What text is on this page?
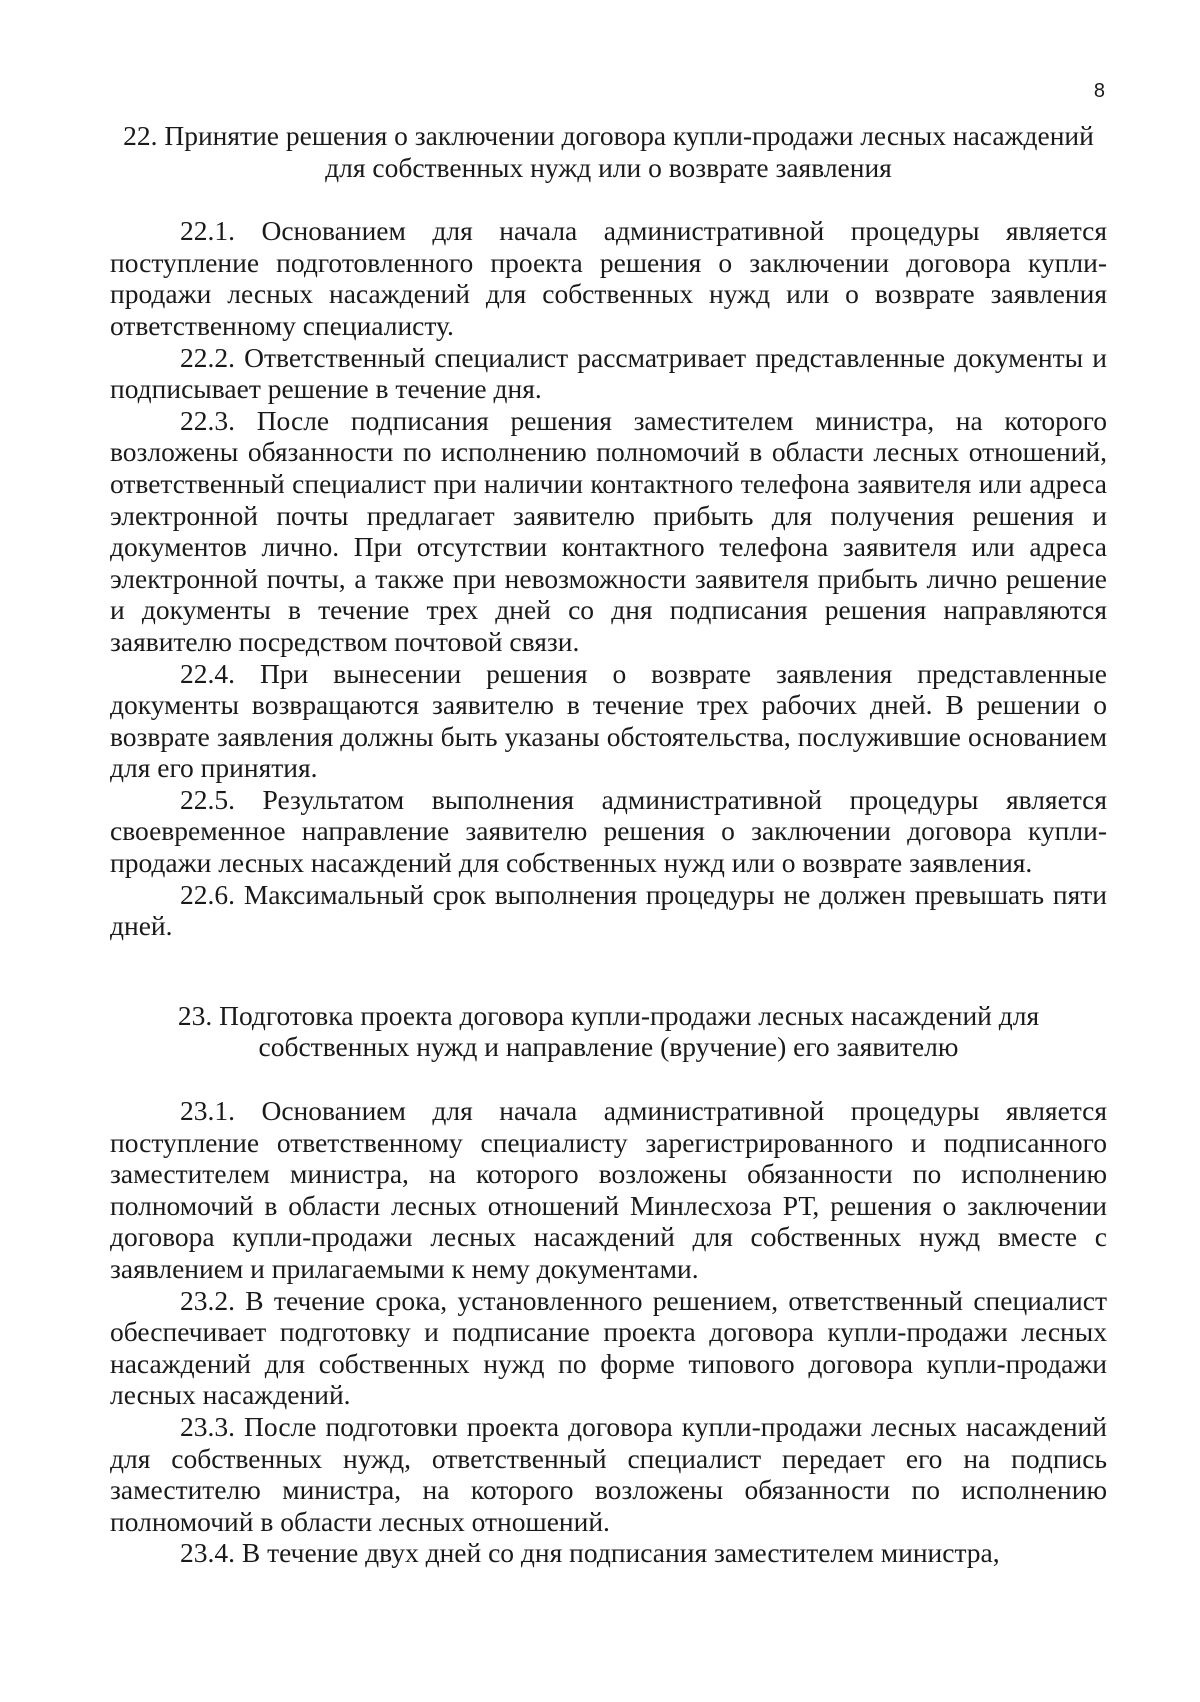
8
22. Принятие решения о заключении договора купли-продажи лесных насаждений для собственных нужд или о возврате заявления

22.1. Основанием для начала административной процедуры является поступление подготовленного проекта решения о заключении договора купли-продажи лесных насаждений для собственных нужд или о возврате заявления ответственному специалисту.

22.2. Ответственный специалист рассматривает представленные документы и подписывает решение в течение дня.

22.3. После подписания решения заместителем министра, на которого возложены обязанности по исполнению полномочий в области лесных отношений, ответственный специалист при наличии контактного телефона заявителя или адреса электронной почты предлагает заявителю прибыть для получения решения и документов лично. При отсутствии контактного телефона заявителя или адреса электронной почты, а также при невозможности заявителя прибыть лично решение и документы в течение трех дней со дня подписания решения направляются заявителю посредством почтовой связи.

22.4. При вынесении решения о возврате заявления представленные документы возвращаются заявителю в течение трех рабочих дней. В решении о возврате заявления должны быть указаны обстоятельства, послужившие основанием для его принятия.

22.5. Результатом выполнения административной процедуры является своевременное направление заявителю решения о заключении договора купли-продажи лесных насаждений для собственных нужд или о возврате заявления.

22.6. Максимальный срок выполнения процедуры не должен превышать пяти дней.

23. Подготовка проекта договора купли-продажи лесных насаждений для собственных нужд и направление (вручение) его заявителю

23.1. Основанием для начала административной процедуры является поступление ответственному специалисту зарегистрированного и подписанного заместителем министра, на которого возложены обязанности по исполнению полномочий в области лесных отношений Минлесхоза РТ, решения о заключении договора купли-продажи лесных насаждений для собственных нужд вместе с заявлением и прилагаемыми к нему документами.

23.2. В течение срока, установленного решением, ответственный специалист обеспечивает подготовку и подписание проекта договора купли-продажи лесных насаждений для собственных нужд по форме типового договора купли-продажи лесных насаждений.

23.3. После подготовки проекта договора купли-продажи лесных насаждений для собственных нужд, ответственный специалист передает его на подпись заместителю министра, на которого возложены обязанности по исполнению полномочий в области лесных отношений.

23.4. В течение двух дней со дня подписания заместителем министра,
